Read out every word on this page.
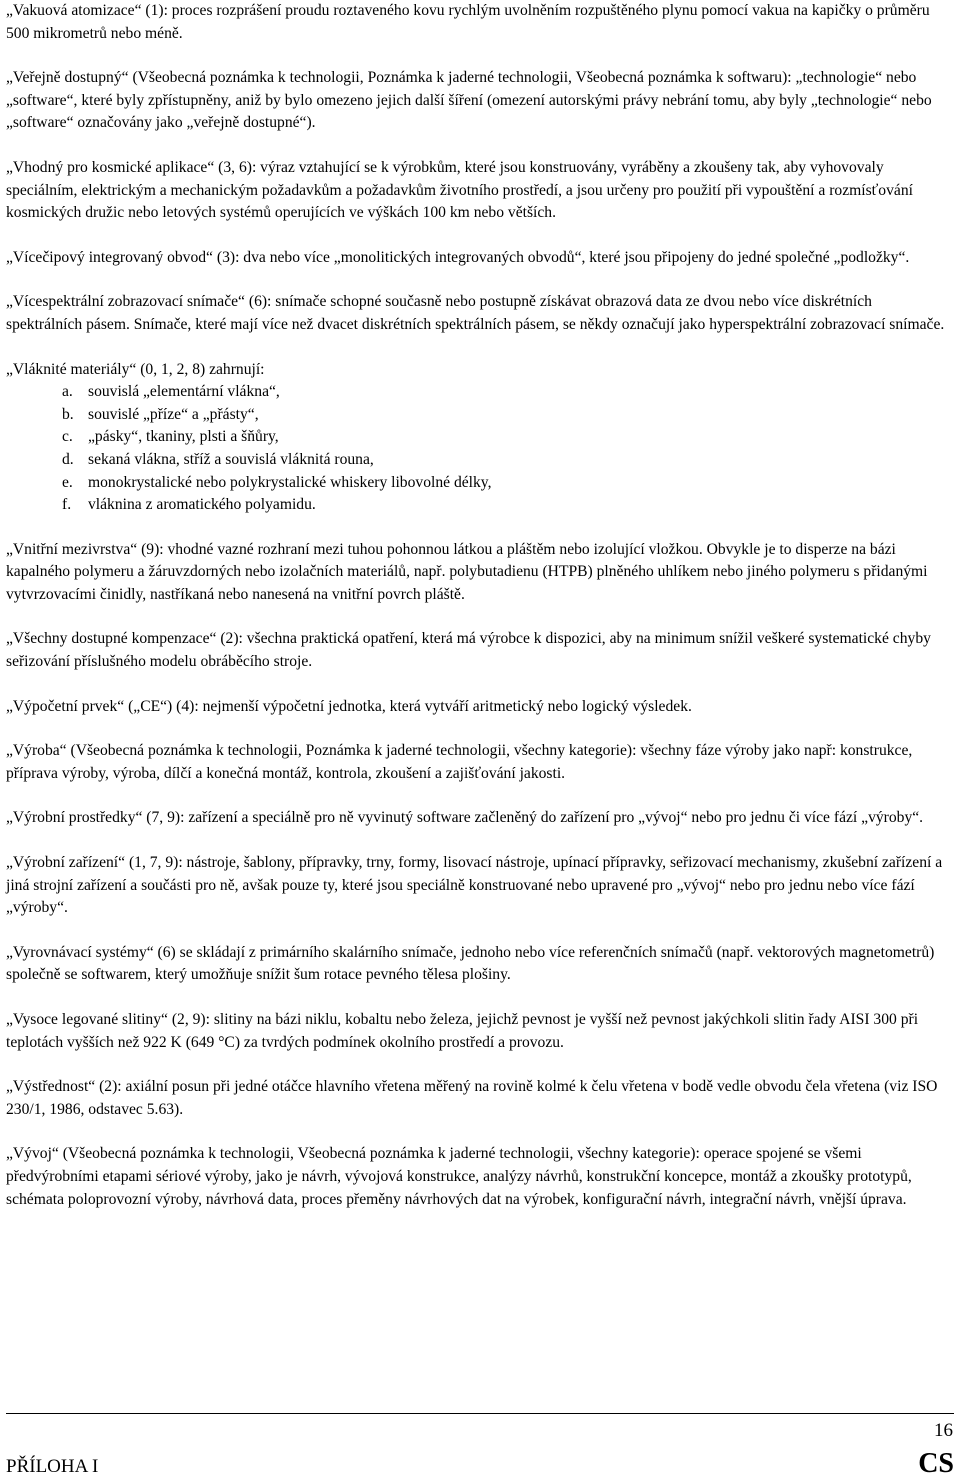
„Vakuová atomizace“ (1): proces rozprášení proudu roztaveného kovu rychlým uvolněním rozpuštěného plynu pomocí vakua na kapičky o průměru 500 mikrometrů nebo méně.

„Veřejně dostupný“ (Všeobecná poznámka k technologii, Poznámka k jaderné technologii, Všeobecná poznámka k softwaru): „technologie“ nebo „software“, které byly zpřístupněny, aniž by bylo omezeno jejich další šíření (omezení autorskými právy nebrání tomu, aby byly „technologie“ nebo „software“ označovány jako „veřejně dostupné“).

„Vhodný pro kosmické aplikace“ (3, 6): výraz vztahující se k výrobkům, které jsou konstruovány, vyráběny a zkoušeny tak, aby vyhovovaly speciálním, elektrickým a mechanickým požadavkům a požadavkům životního prostředí, a jsou určeny pro použití při vypouštění a rozmísťování kosmických družic nebo letových systémů operujících ve výškách 100 km nebo větších.

„Vícečipový integrovaný obvod“ (3): dva nebo více „monolitických integrovaných obvodů“, které jsou připojeny do jedné společné „podložky“.

„Vícespektrální zobrazovací snímače“ (6): snímače schopné současně nebo postupně získávat obrazová data ze dvou nebo více diskrétních spektrálních pásem. Snímače, které mají více než dvacet diskrétních spektrálních pásem, se někdy označují jako hyperspektrální zobrazovací snímače.

„Vláknité materiály“ (0, 1, 2, 8) zahrnují:

a. souvislá „elementární vlákna“,
b. souvislé „příze“ a „přásty“,
c. „pásky“, tkaniny, plsti a šňůry,
d. sekaná vlákna, stříž a souvislá vláknitá rouna,
e. monokrystalické nebo polykrystalické whiskery libovolné délky,
f. vláknina z aromatického polyamidu.

„Vnitřní mezivrstva“ (9): vhodné vazné rozhraní mezi tuhou pohonnou látkou a pláštěm nebo izolující vložkou. Obvykle je to disperze na bázi kapalného polymeru a žáruvzdorných nebo izolačních materiálů, např. polybutadienu (HTPB) plněného uhlíkem nebo jiného polymeru s přidanými vytvrzovacími činidly, nastříkaná nebo nanesená na vnitřní povrch pláště.

„Všechny dostupné kompenzace“ (2): všechna praktická opatření, která má výrobce k dispozici, aby na minimum snížil veškeré systematické chyby seřizování příslušného modelu obráběcího stroje.

„Výpočetní prvek“ („CE“) (4): nejmenší výpočetní jednotka, která vytváří aritmetický nebo logický výsledek.

„Výroba“ (Všeobecná poznámka k technologii, Poznámka k jaderné technologii, všechny kategorie): všechny fáze výroby jako např: konstrukce, příprava výroby, výroba, dílčí a konečná montáž, kontrola, zkoušení a zajišťování jakosti.

„Výrobní prostředky“ (7, 9): zařízení a speciálně pro ně vyvinutý software začleněný do zařízení pro „vývoj“ nebo pro jednu či více fází „výroby“.

„Výrobní zařízení“ (1, 7, 9): nástroje, šablony, přípravky, trny, formy, lisovací nástroje, upínací přípravky, seřizovací mechanismy, zkušební zařízení a jiná strojní zařízení a součásti pro ně, avšak pouze ty, které jsou speciálně konstruované nebo upravené pro „vývoj“ nebo pro jednu nebo více fází „výroby“.

„Vyrovnávací systémy“ (6) se skládají z primárního skalárního snímače, jednoho nebo více referenčních snímačů (např. vektorových magnetometrů) společně se softwarem, který umožňuje snížit šum rotace pevného tělesa plošiny.

„Vysoce legované slitiny“ (2, 9): slitiny na bázi niklu, kobaltu nebo železa, jejichž pevnost je vyšší než pevnost jakýchkoli slitin řady AISI 300 při teplotách vyšších než 922 K (649 °C) za tvrdých podmínek okolního prostředí a provozu.

„Výstřednost“ (2): axiální posun při jedné otáčce hlavního vřetena měřený na rovině kolmé k čelu vřetena v bodě vedle obvodu čela vřetena (viz ISO 230/1, 1986, odstavec 5.63).

„Vývoj“ (Všeobecná poznámka k technologii, Všeobecná poznámka k jaderné technologii, všechny kategorie): operace spojené se všemi předvýrobními etapami sériové výroby, jako je návrh, vývojová konstrukce, analýzy návrhů, konstrukční koncepce, montáž a zkoušky prototypů, schémata poloprovozní výroby, návrhová data, proces přeměny návrhových dat na výrobek, konfigurační návrh, integrační návrh, vnější úprava.

16
PŘÍLOHA I	CS
